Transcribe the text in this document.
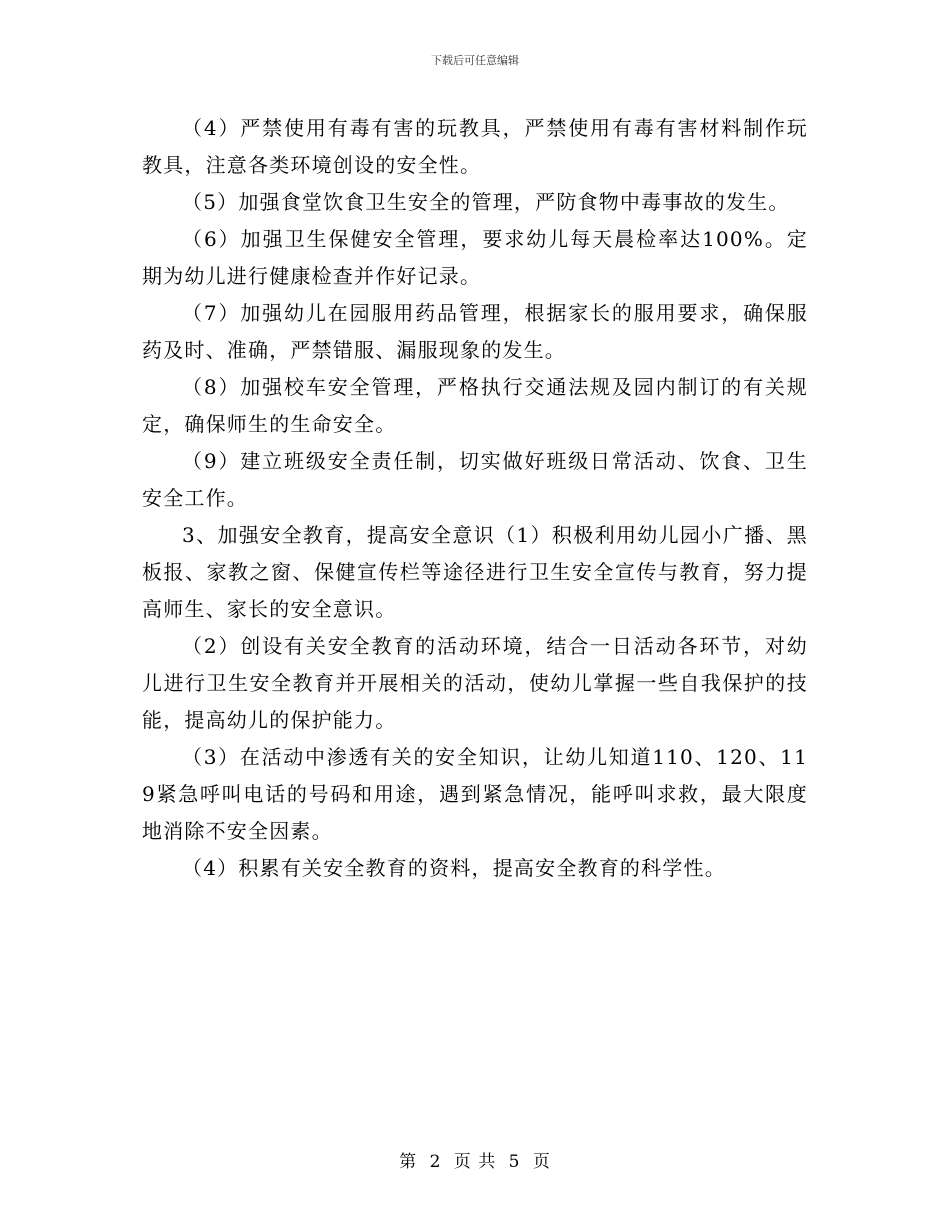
下载后可任意编辑

（4）严禁使用有毒有害的玩教具，严禁使用有毒有害材料制作玩教具，注意各类环境创设的安全性。

（5）加强食堂饮食卫生安全的管理，严防食物中毒事故的发生。

（6）加强卫生保健安全管理，要求幼儿每天晨检率达100%。定期为幼儿进行健康检查并作好记录。

（7）加强幼儿在园服用药品管理，根据家长的服用要求，确保服药及时、准确，严禁错服、漏服现象的发生。

（8）加强校车安全管理，严格执行交通法规及园内制订的有关规定，确保师生的生命安全。

（9）建立班级安全责任制，切实做好班级日常活动、饮食、卫生安全工作。

3、加强安全教育，提高安全意识（1）积极利用幼儿园小广播、黑板报、家教之窗、保健宣传栏等途径进行卫生安全宣传与教育，努力提高师生、家长的安全意识。

（2）创设有关安全教育的活动环境，结合一日活动各环节，对幼儿进行卫生安全教育并开展相关的活动，使幼儿掌握一些自我保护的技能，提高幼儿的保护能力。

（3）在活动中渗透有关的安全知识，让幼儿知道110、120、119紧急呼叫电话的号码和用途，遇到紧急情况，能呼叫求救，最大限度地消除不安全因素。

（4）积累有关安全教育的资料，提高安全教育的科学性。

第 2 页 共 5 页
